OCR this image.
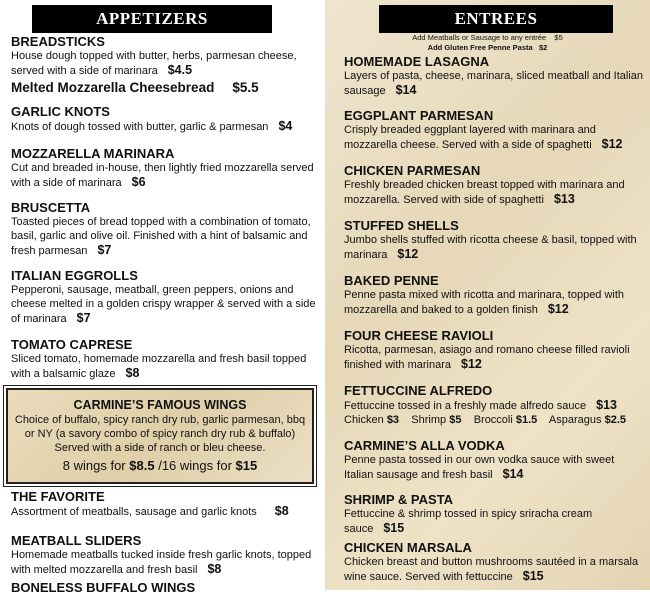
APPETIZERS
BREADSTICKS
House dough topped with butter, herbs, parmesan cheese, served with a side of marinara $4.5
Melted Mozzarella Cheesebread $5.5
GARLIC KNOTS
Knots of dough tossed with butter, garlic & parmesan $4
MOZZARELLA MARINARA
Cut and breaded in-house, then lightly fried mozzarella served with a side of marinara $6
BRUSCETTA
Toasted pieces of bread topped with a combination of tomato, basil, garlic and olive oil. Finished with a hint of balsamic and fresh parmesan $7
ITALIAN EGGROLLS
Pepperoni, sausage, meatball, green peppers, onions and cheese melted in a golden crispy wrapper & served with a side of marinara $7
TOMATO CAPRESE
Sliced tomato, homemade mozzarella and fresh basil topped with a balsamic glaze $8
CARMINE’S FAMOUS WINGS
Choice of buffalo, spicy ranch dry rub, garlic parmesan, bbq
or NY (a savory combo of spicy ranch dry rub & buffalo)
Served with a side of ranch or bleu cheese.
8 wings for $8.5 /16 wings for $15
THE FAVORITE
Assortment of meatballs, sausage and garlic knots $8
MEATBALL SLIDERS
Homemade meatballs tucked inside fresh garlic knots, topped with melted mozzarella and fresh basil $8
BONELESS BUFFALO WINGS
ENTREES
Add Meatballs or Sausage to any entrée $5
Add Gluten Free Penne Pasta $2
HOMEMADE LASAGNA
Layers of pasta, cheese, marinara, sliced meatball and Italian sausage $14
EGGPLANT PARMESAN
Crisply breaded eggplant layered with marinara and mozzarella cheese. Served with a side of spaghetti $12
CHICKEN PARMESAN
Freshly breaded chicken breast topped with marinara and mozzarella. Served with side of spaghetti $13
STUFFED SHELLS
Jumbo shells stuffed with ricotta cheese & basil, topped with marinara $12
BAKED PENNE
Penne pasta mixed with ricotta and marinara, topped with mozzarella and baked to a golden finish $12
FOUR CHEESE RAVIOLI
Ricotta, parmesan, asiago and romano cheese filled ravioli finished with marinara $12
FETTUCCINE ALFREDO
Fettuccine tossed in a freshly made alfredo sauce $13
Chicken $3 Shrimp $5 Broccoli $1.5 Asparagus $2.5
CARMINE’S ALLA VODKA
Penne pasta tossed in our own vodka sauce with sweet Italian sausage and fresh basil $14
SHRIMP & PASTA
Fettuccine & shrimp tossed in spicy sriracha cream sauce $15
CHICKEN MARSALA
Chicken breast and button mushrooms sautéed in a marsala wine sauce. Served with fettuccine $15
